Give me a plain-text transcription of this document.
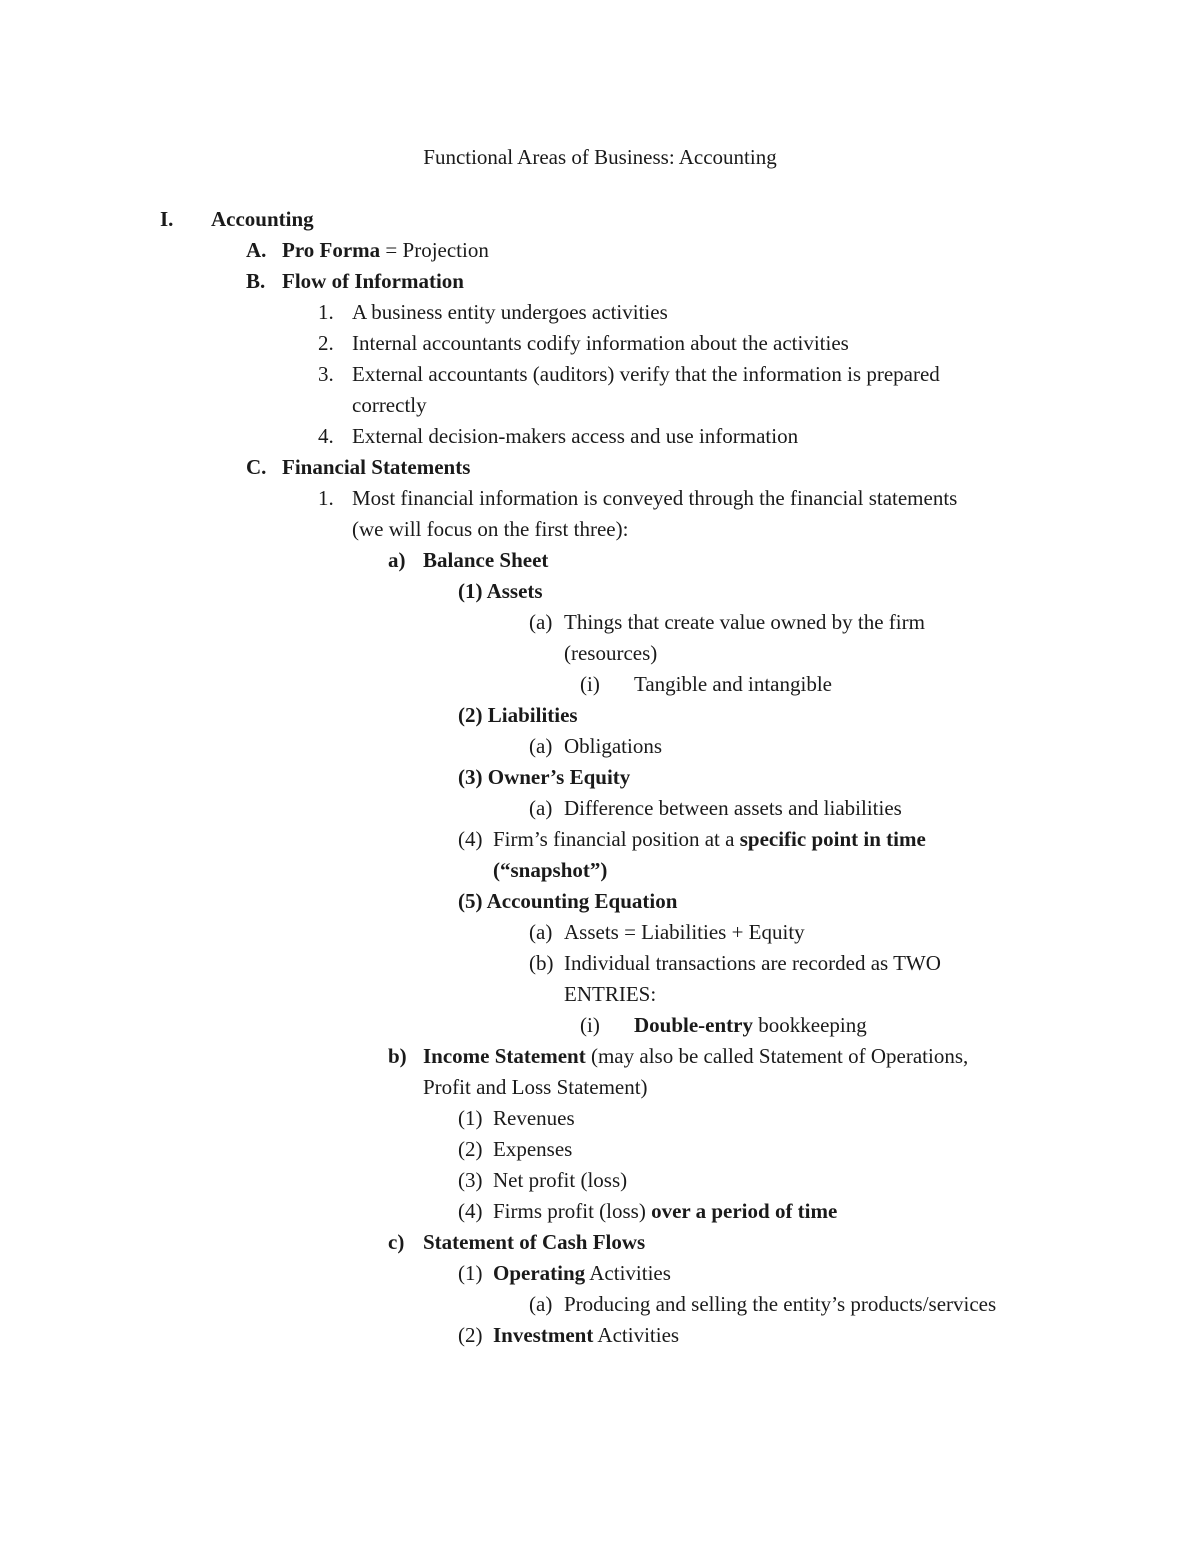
Functional Areas of Business: Accounting
I. Accounting
A. Pro Forma = Projection
B. Flow of Information
1. A business entity undergoes activities
2. Internal accountants codify information about the activities
3. External accountants (auditors) verify that the information is prepared
correctly
4. External decision-makers access and use information
C. Financial Statements
1. Most financial information is conveyed through the financial statements
(we will focus on the first three):
a) Balance Sheet
(1) Assets
(a) Things that create value owned by the firm
(resources)
(i) Tangible and intangible
(2) Liabilities
(a) Obligations
(3) Owner’s Equity
(a) Difference between assets and liabilities
(4) Firm’s financial position at a specific point in time
(“snapshot”)
(5) Accounting Equation
(a) Assets = Liabilities + Equity
(b) Individual transactions are recorded as TWO
ENTRIES:
(i) Double-entry bookkeeping
b) Income Statement (may also be called Statement of Operations,
Profit and Loss Statement)
(1) Revenues
(2) Expenses
(3) Net profit (loss)
(4) Firms profit (loss) over a period of time
c) Statement of Cash Flows
(1) Operating Activities
(a) Producing and selling the entity’s products/services
(2) Investment Activities
